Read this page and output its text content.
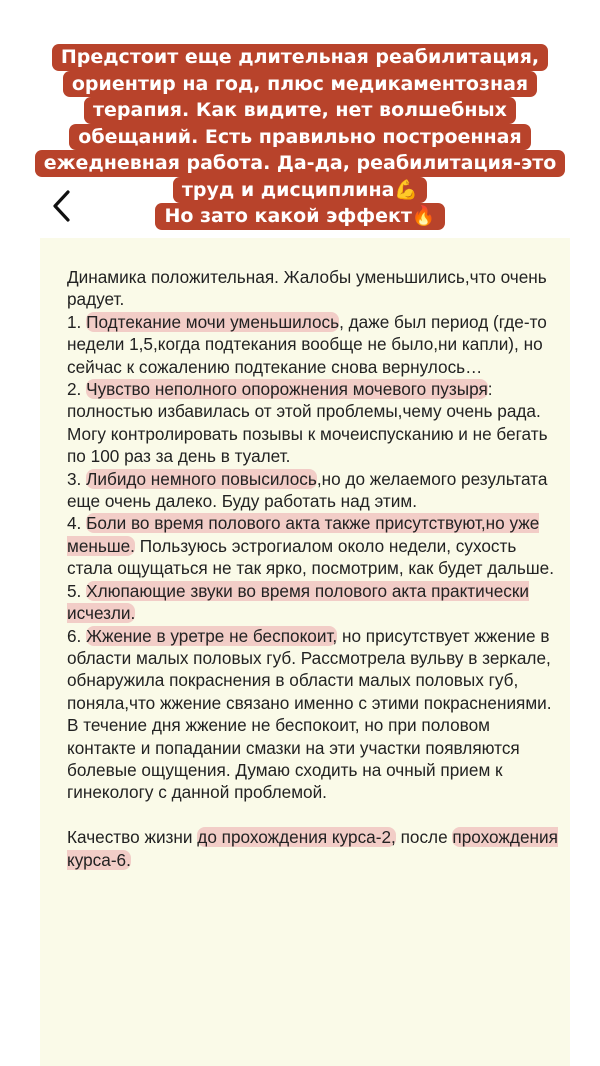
Предстоит еще длительная реабилитация,
ориентир на год, плюс медикаментозная
терапия. Как видите, нет волшебных
обещаний. Есть правильно построенная
ежедневная работа. Да-да, реабилитация-это
труд и дисциплина💪
Но зато какой эффект🔥

Динамика положительная. Жалобы уменьшились,что очень радует.

1. Подтекание мочи уменьшилось, даже был период (где-то недели 1,5,когда подтекания вообще не было,ни капли), но сейчас к сожалению подтекание снова вернулось…

2. Чувство неполного опорожнения мочевого пузыря: полностью избавилась от этой проблемы,чему очень рада. Могу контролировать позывы к мочеиспусканию и не бегать по 100 раз за день в туалет.

3. Либидо немного повысилось,но до желаемого результата еще очень далеко. Буду работать над этим.

4. Боли во время полового акта также присутствуют,но уже меньше. Пользуюсь эстрогиалом около недели, сухость стала ощущаться не так ярко, посмотрим, как будет дальше.

5. Хлюпающие звуки во время полового акта практически исчезли.

6. Жжение в уретре не беспокоит, но присутствует жжение в области малых половых губ. Рассмотрела вульву в зеркале, обнаружила покраснения в области малых половых губ, поняла,что жжение связано именно с этими покраснениями. В течение дня жжение не беспокоит, но при половом контакте и попадании смазки на эти участки появляются болевые ощущения. Думаю сходить на очный прием к гинекологу с данной проблемой.

Качество жизни до прохождения курса-2, после прохождения курса-6.
